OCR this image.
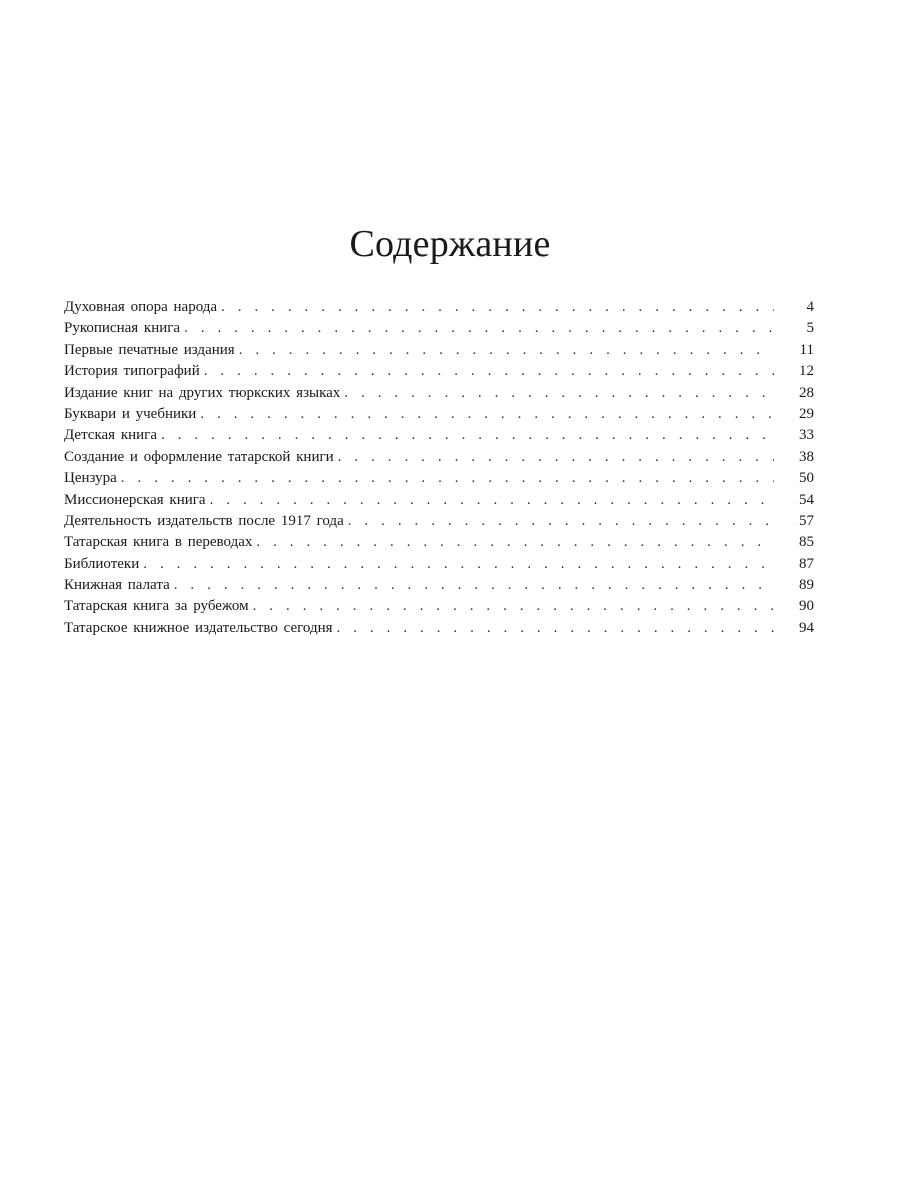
Содержание
Духовная опора народа . . .	4
Рукописная книга . . .	5
Первые печатные издания . . .	11
История типографий . . .	12
Издание книг на других тюркских языках . . .	28
Буквари и учебники . . .	29
Детская книга . . .	33
Создание и оформление татарской книги . . .	38
Цензура . . .	50
Миссионерская книга . . .	54
Деятельность издательств после 1917 года . . .	57
Татарская книга в переводах . . .	85
Библиотеки . . .	87
Книжная палата . . .	89
Татарская книга за рубежом . . .	90
Татарское книжное издательство сегодня . . .	94
